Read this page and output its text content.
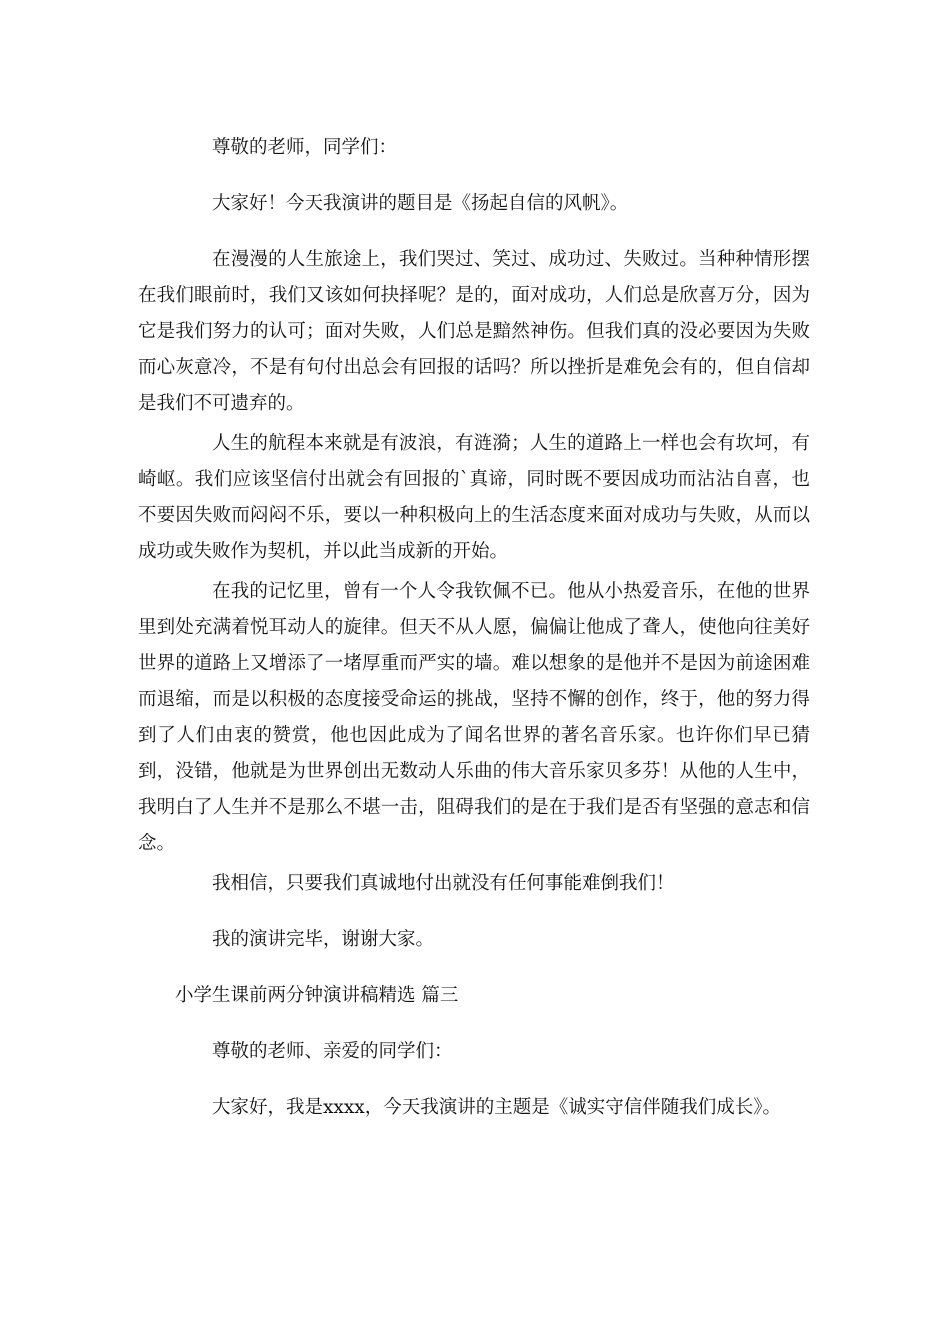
尊敬的老师，同学们：

大家好！今天我演讲的题目是《扬起自信的风帆》。

在漫漫的人生旅途上，我们哭过、笑过、成功过、失败过。当种种情形摆在我们眼前时，我们又该如何抉择呢？是的，面对成功，人们总是欣喜万分，因为它是我们努力的认可；面对失败，人们总是黯然神伤。但我们真的没必要因为失败而心灰意冷，不是有句付出总会有回报的话吗？所以挫折是难免会有的，但自信却是我们不可遗弃的。

人生的航程本来就是有波浪，有涟漪；人生的道路上一样也会有坎坷，有崎岖。我们应该坚信付出就会有回报的`真谛，同时既不要因成功而沾沾自喜，也不要因失败而闷闷不乐，要以一种积极向上的生活态度来面对成功与失败，从而以成功或失败作为契机，并以此当成新的开始。

在我的记忆里，曾有一个人令我钦佩不已。他从小热爱音乐，在他的世界里到处充满着悦耳动人的旋律。但天不从人愿，偏偏让他成了聋人，使他向往美好世界的道路上又增添了一堵厚重而严实的墙。难以想象的是他并不是因为前途困难而退缩，而是以积极的态度接受命运的挑战，坚持不懈的创作，终于，他的努力得到了人们由衷的赞赏，他也因此成为了闻名世界的著名音乐家。也许你们早已猜到，没错，他就是为世界创出无数动人乐曲的伟大音乐家贝多芬！从他的人生中，我明白了人生并不是那么不堪一击，阻碍我们的是在于我们是否有坚强的意志和信念。

我相信，只要我们真诚地付出就没有任何事能难倒我们！

我的演讲完毕，谢谢大家。

小学生课前两分钟演讲稿精选 篇三

尊敬的老师、亲爱的同学们：

大家好，我是xxxx，今天我演讲的主题是《诚实守信伴随我们成长》。
